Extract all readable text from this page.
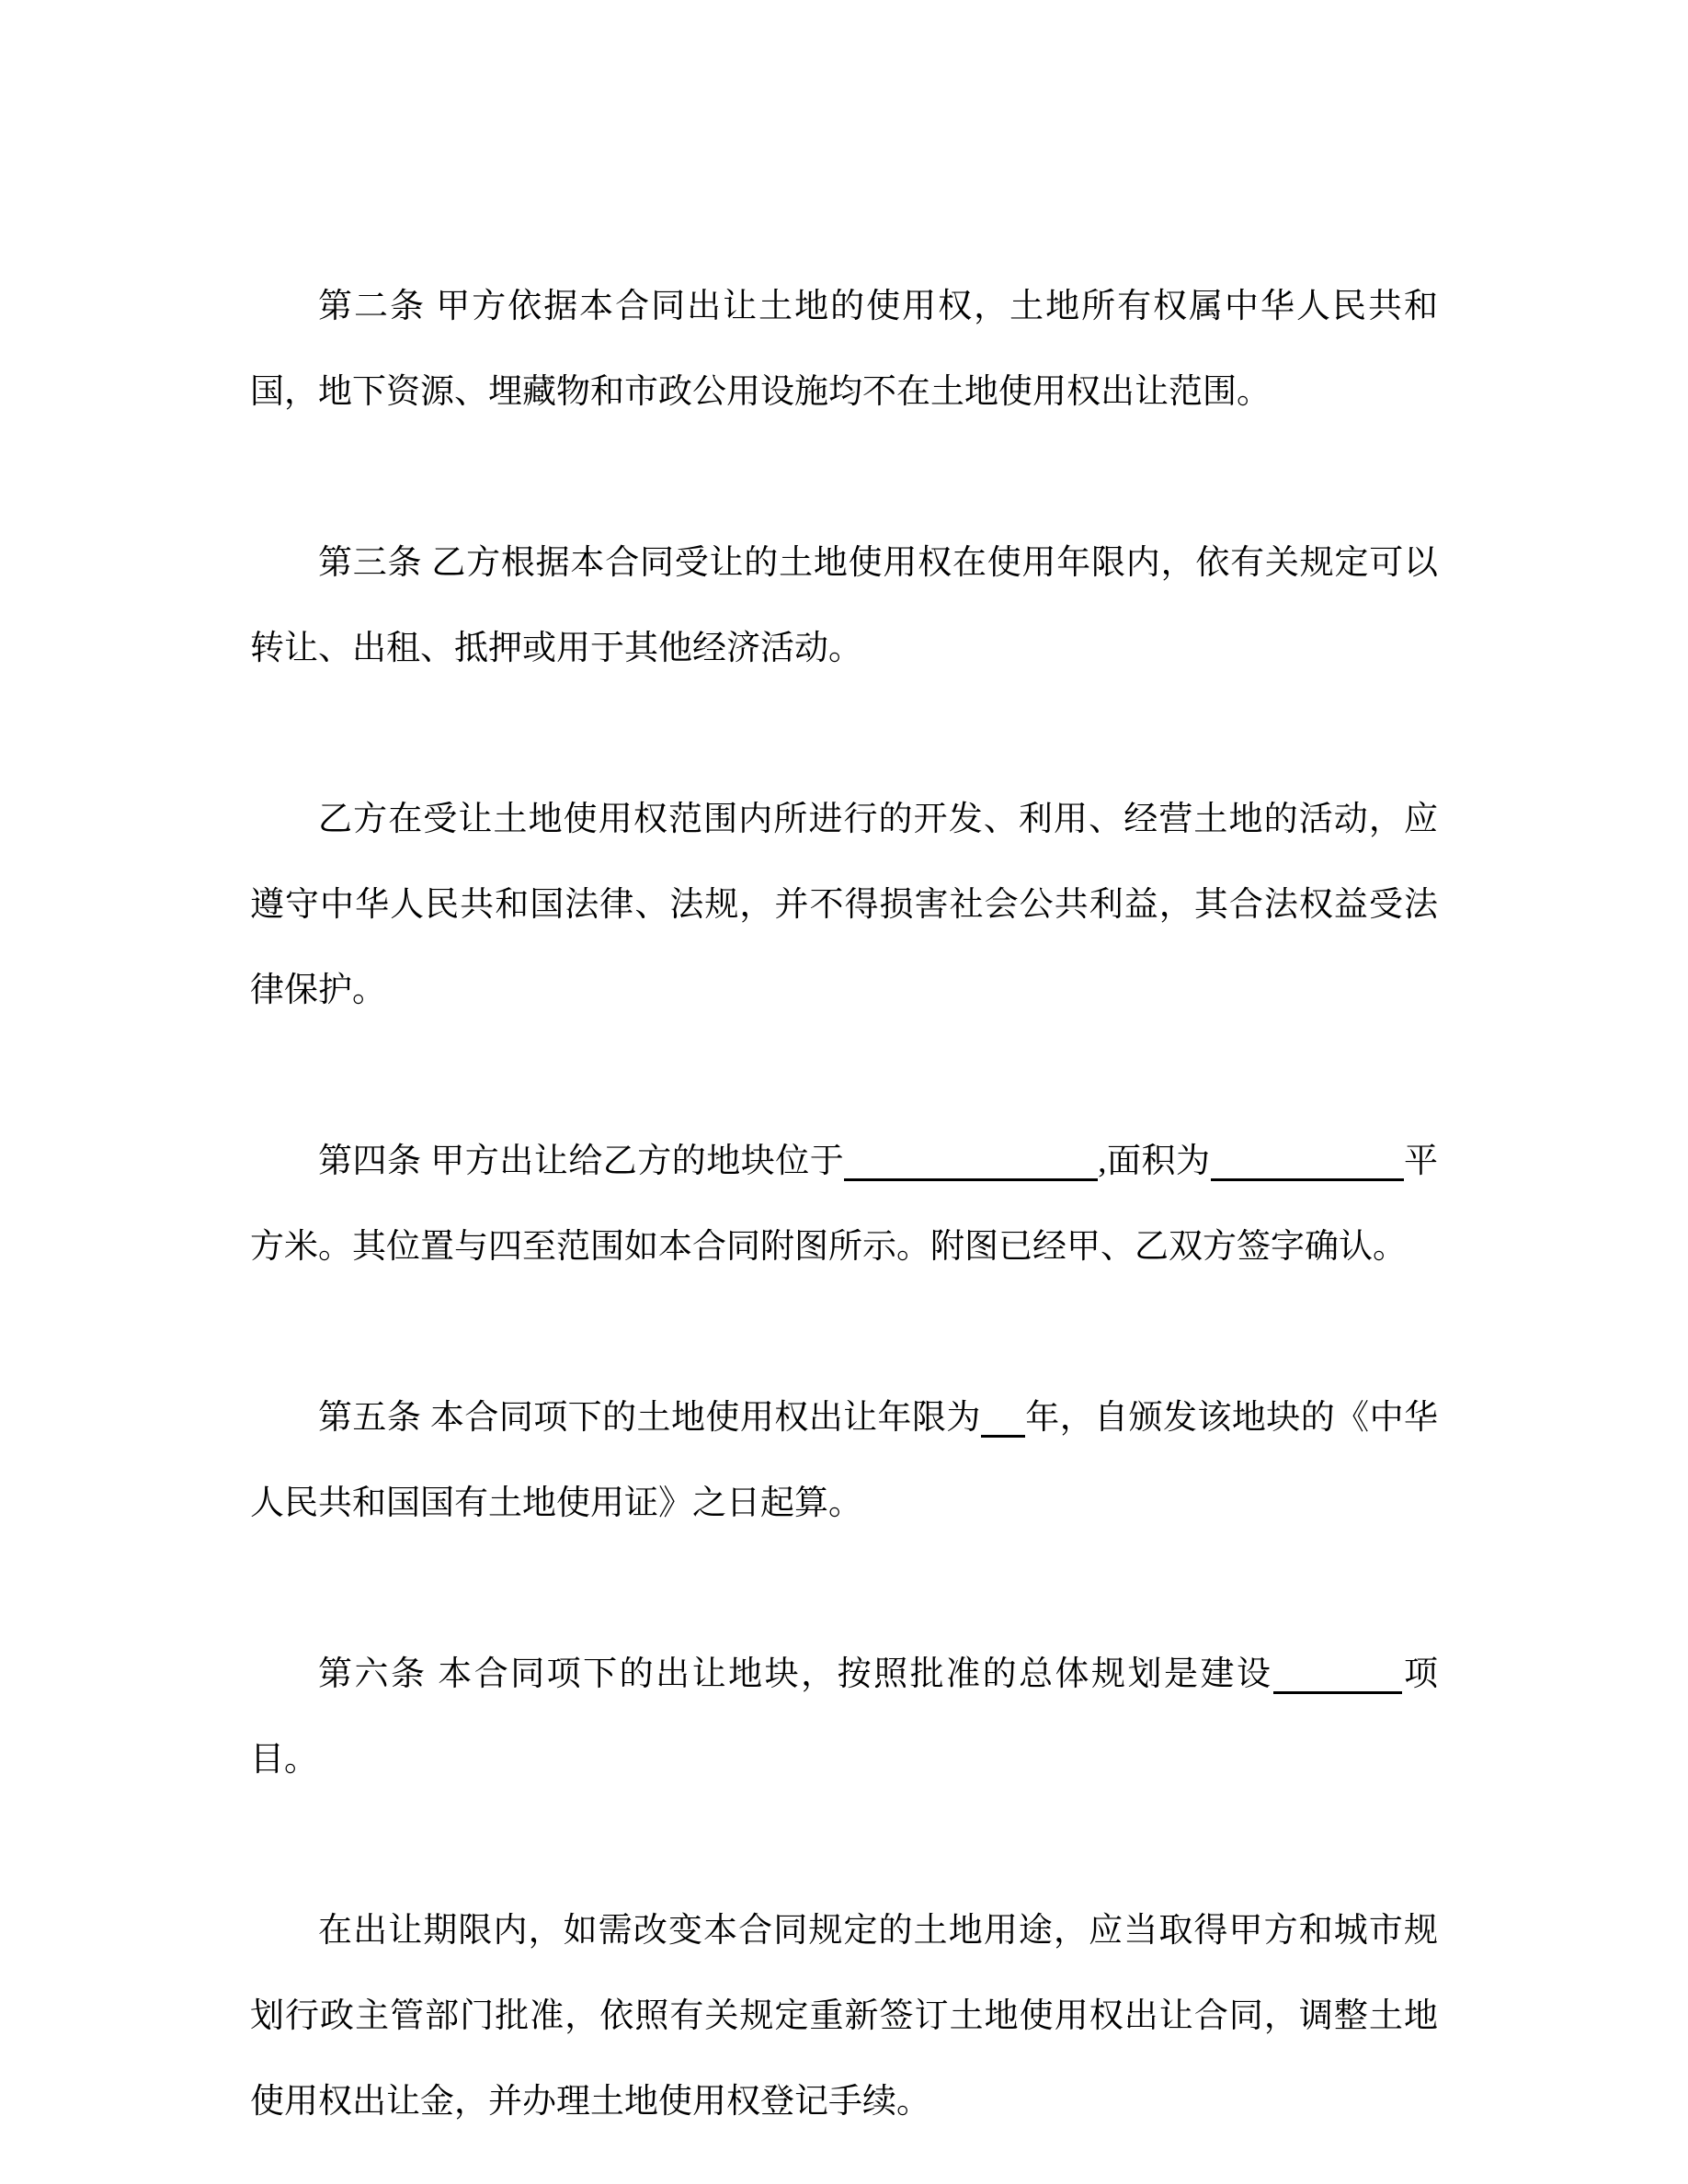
第二条 甲方依据本合同出让土地的使用权，土地所有权属中华人民共和国，地下资源、埋藏物和市政公用设施均不在土地使用权出让范围。

第三条 乙方根据本合同受让的土地使用权在使用年限内，依有关规定可以转让、出租、抵押或用于其他经济活动。

乙方在受让土地使用权范围内所进行的开发、利用、经营土地的活动，应遵守中华人民共和国法律、法规，并不得损害社会公共利益，其合法权益受法律保护。

第四条 甲方出让给乙方的地块位于	,面积为	平方米。其位置与四至范围如本合同附图所示。附图已经甲、乙双方签字确认。

第五条 本合同项下的土地使用权出让年限为 年，自颁发该地块的《中华人民共和国国有土地使用证》之日起算。

第六条 本合同项下的出让地块，按照批准的总体规划是建设	项目。

在出让期限内，如需改变本合同规定的土地用途，应当取得甲方和城市规划行政主管部门批准，依照有关规定重新签订土地使用权出让合同，调整土地使用权出让金，并办理土地使用权登记手续。
